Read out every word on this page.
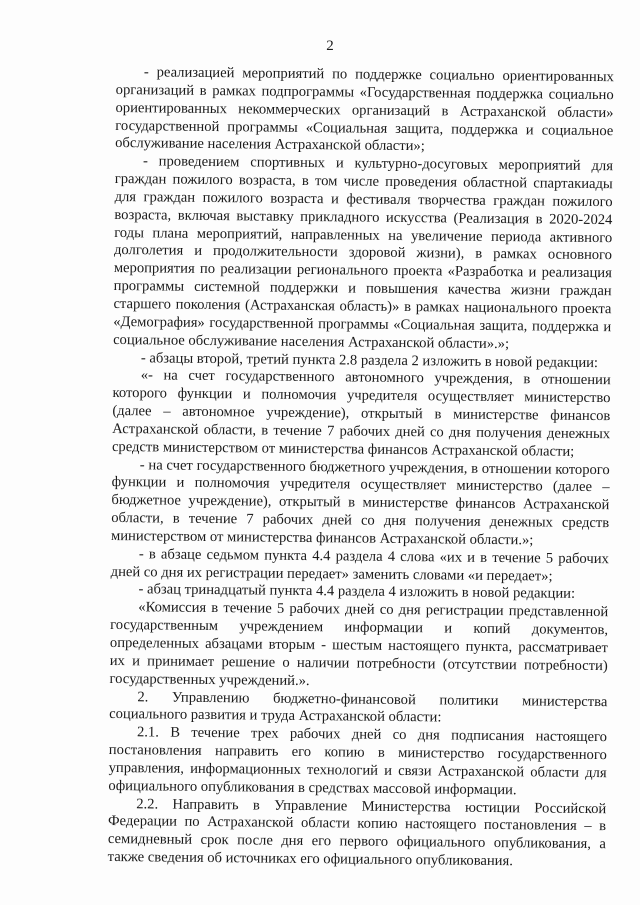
2

- реализацией мероприятий по поддержке социально ориентированных организаций в рамках подпрограммы «Государственная поддержка социально ориентированных некоммерческих организаций в Астраханской области» государственной программы «Социальная защита, поддержка и социальное обслуживание населения Астраханской области»;

- проведением спортивных и культурно-досуговых мероприятий для граждан пожилого возраста, в том числе проведения областной спартакиады для граждан пожилого возраста и фестиваля творчества граждан пожилого возраста, включая выставку прикладного искусства (Реализация в 2020-2024 годы плана мероприятий, направленных на увеличение периода активного долголетия и продолжительности здоровой жизни), в рамках основного мероприятия по реализации регионального проекта «Разработка и реализация программы системной поддержки и повышения качества жизни граждан старшего поколения (Астраханская область)» в рамках национального проекта «Демография» государственной программы «Социальная защита, поддержка и социальное обслуживание населения Астраханской области».»;

- абзацы второй, третий пункта 2.8 раздела 2 изложить в новой редакции:

«- на счет государственного автономного учреждения, в отношении которого функции и полномочия учредителя осуществляет министерство (далее – автономное учреждение), открытый в министерстве финансов Астраханской области, в течение 7 рабочих дней со дня получения денежных средств министерством от министерства финансов Астраханской области;

- на счет государственного бюджетного учреждения, в отношении которого функции и полномочия учредителя осуществляет министерство (далее – бюджетное учреждение), открытый в министерстве финансов Астраханской области, в течение 7 рабочих дней со дня получения денежных средств министерством от министерства финансов Астраханской области.»;

- в абзаце седьмом пункта 4.4 раздела 4 слова «их и в течение 5 рабочих дней со дня их регистрации передает» заменить словами «и передает»;

- абзац тринадцатый пункта 4.4 раздела 4 изложить в новой редакции:

«Комиссия в течение 5 рабочих дней со дня регистрации представленной государственным учреждением информации и копий документов, определенных абзацами вторым - шестым настоящего пункта, рассматривает их и принимает решение о наличии потребности (отсутствии потребности) государственных учреждений.».

2. Управлению бюджетно-финансовой политики министерства социального развития и труда Астраханской области:

2.1. В течение трех рабочих дней со дня подписания настоящего постановления направить его копию в министерство государственного управления, информационных технологий и связи Астраханской области для официального опубликования в средствах массовой информации.

2.2. Направить в Управление Министерства юстиции Российской Федерации по Астраханской области копию настоящего постановления – в семидневный срок после дня его первого официального опубликования, а также сведения об источниках его официального опубликования.
